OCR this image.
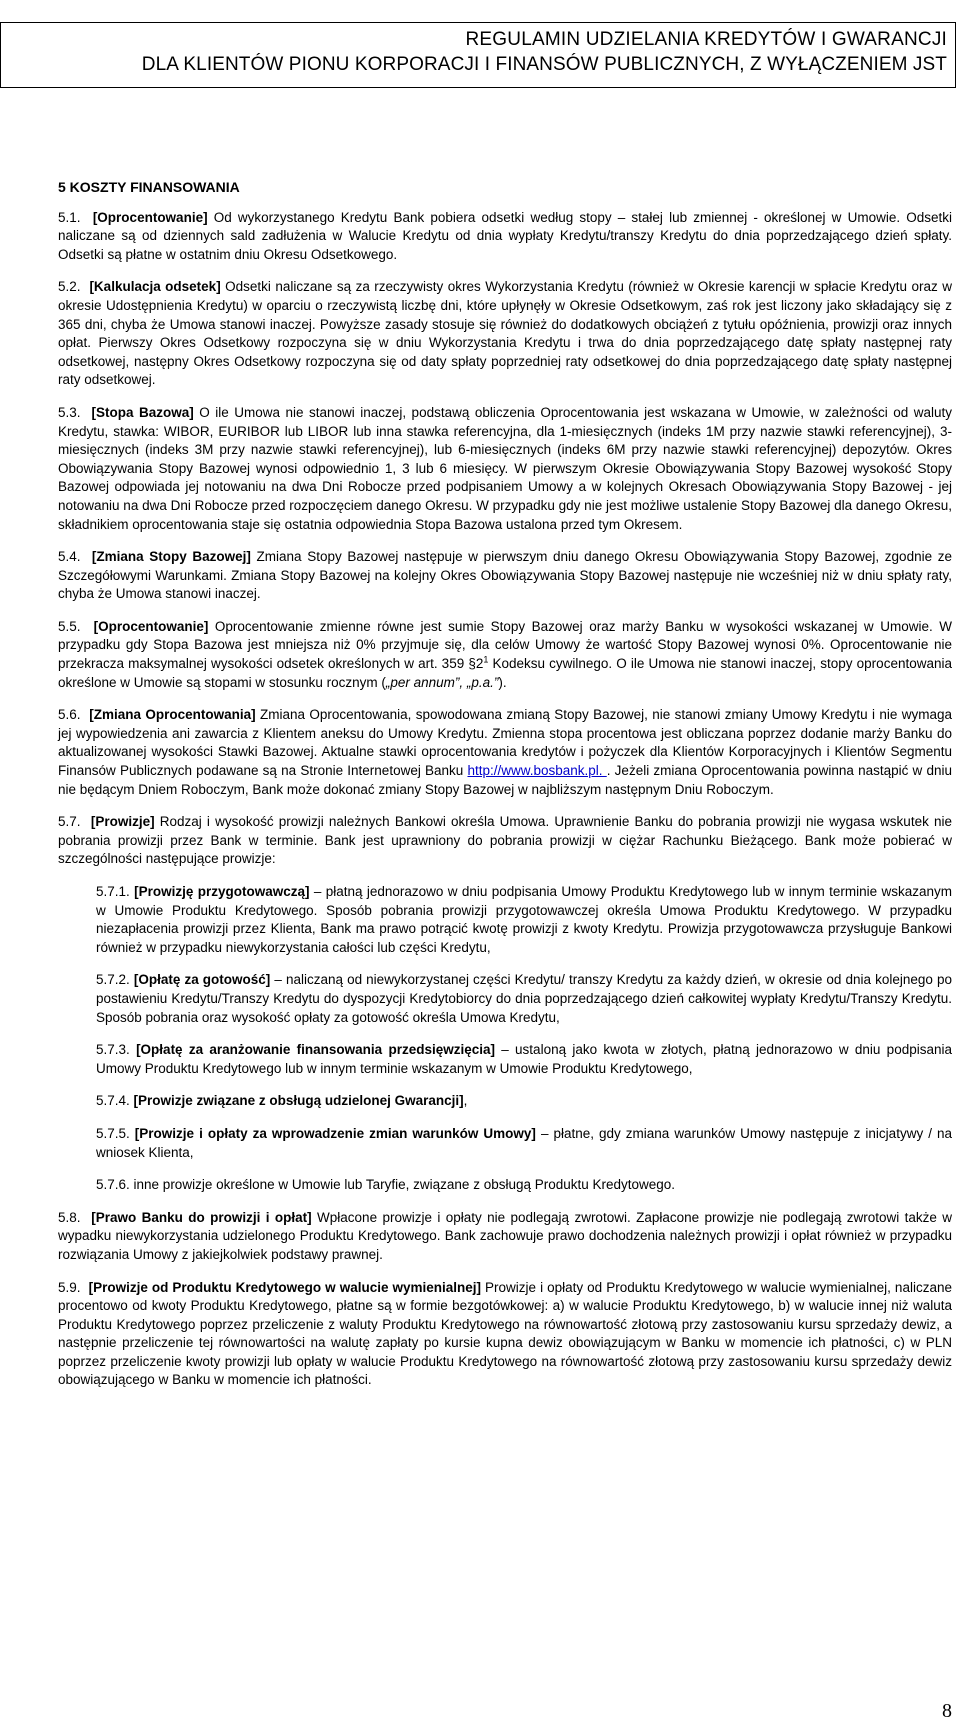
REGULAMIN UDZIELANIA KREDYTÓW I GWARANCJI
DLA KLIENTÓW PIONU KORPORACJI I FINANSÓW PUBLICZNYCH, Z WYŁĄCZENIEM JST
5 KOSZTY FINANSOWANIA

5.1. [Oprocentowanie] Od wykorzystanego Kredytu Bank pobiera odsetki według stopy – stałej lub zmiennej - określonej w Umowie. Odsetki naliczane są od dziennych sald zadłużenia w Walucie Kredytu od dnia wypłaty Kredytu/transzy Kredytu do dnia poprzedzającego dzień spłaty. Odsetki są płatne w ostatnim dniu Okresu Odsetkowego.

5.2. [Kalkulacja odsetek] Odsetki naliczane są za rzeczywisty okres Wykorzystania Kredytu (również w Okresie karencji w spłacie Kredytu oraz w okresie Udostępnienia Kredytu) w oparciu o rzeczywistą liczbę dni, które upłynęły w Okresie Odsetkowym, zaś rok jest liczony jako składający się z 365 dni, chyba że Umowa stanowi inaczej. Powyższe zasady stosuje się również do dodatkowych obciążeń z tytułu opóźnienia, prowizji oraz innych opłat. Pierwszy Okres Odsetkowy rozpoczyna się w dniu Wykorzystania Kredytu i trwa do dnia poprzedzającego datę spłaty następnej raty odsetkowej, następny Okres Odsetkowy rozpoczyna się od daty spłaty poprzedniej raty odsetkowej do dnia poprzedzającego datę spłaty następnej raty odsetkowej.

5.3. [Stopa Bazowa] O ile Umowa nie stanowi inaczej, podstawą obliczenia Oprocentowania jest wskazana w Umowie, w zależności od waluty Kredytu, stawka: WIBOR, EURIBOR lub LIBOR lub inna stawka referencyjna, dla 1-miesięcznych (indeks 1M przy nazwie stawki referencyjnej), 3-miesięcznych (indeks 3M przy nazwie stawki referencyjnej), lub 6-miesięcznych (indeks 6M przy nazwie stawki referencyjnej) depozytów. Okres Obowiązywania Stopy Bazowej wynosi odpowiednio 1, 3 lub 6 miesięcy. W pierwszym Okresie Obowiązywania Stopy Bazowej wysokość Stopy Bazowej odpowiada jej notowaniu na dwa Dni Robocze przed podpisaniem Umowy a w kolejnych Okresach Obowiązywania Stopy Bazowej - jej notowaniu na dwa Dni Robocze przed rozpoczęciem danego Okresu. W przypadku gdy nie jest możliwe ustalenie Stopy Bazowej dla danego Okresu, składnikiem oprocentowania staje się ostatnia odpowiednia Stopa Bazowa ustalona przed tym Okresem.

5.4. [Zmiana Stopy Bazowej] Zmiana Stopy Bazowej następuje w pierwszym dniu danego Okresu Obowiązywania Stopy Bazowej, zgodnie ze Szczegółowymi Warunkami. Zmiana Stopy Bazowej na kolejny Okres Obowiązywania Stopy Bazowej następuje nie wcześniej niż w dniu spłaty raty, chyba że Umowa stanowi inaczej.

5.5. [Oprocentowanie] Oprocentowanie zmienne równe jest sumie Stopy Bazowej oraz marży Banku w wysokości wskazanej w Umowie. W przypadku gdy Stopa Bazowa jest mniejsza niż 0% przyjmuje się, dla celów Umowy że wartość Stopy Bazowej wynosi 0%. Oprocentowanie nie przekracza maksymalnej wysokości odsetek określonych w art. 359 $\S 2^1$ Kodeksu cywilnego. O ile Umowa nie stanowi inaczej, stopy oprocentowania określone w Umowie są stopami w stosunku rocznym („per annum”, „p.a.”).

5.6. [Zmiana Oprocentowania] Zmiana Oprocentowania, spowodowana zmianą Stopy Bazowej, nie stanowi zmiany Umowy Kredytu i nie wymaga jej wypowiedzenia ani zawarcia z Klientem aneksu do Umowy Kredytu. Zmienna stopa procentowa jest obliczana poprzez dodanie marży Banku do aktualizowanej wysokości Stawki Bazowej. Aktualne stawki oprocentowania kredytów i pożyczek dla Klientów Korporacyjnych i Klientów Segmentu Finansów Publicznych podawane są na Stronie Internetowej Banku http://www.bosbank.pl. . Jeżeli zmiana Oprocentowania powinna nastąpić w dniu nie będącym Dniem Roboczym, Bank może dokonać zmiany Stopy Bazowej w najbliższym następnym Dniu Roboczym.

5.7. [Prowizje] Rodzaj i wysokość prowizji należnych Bankowi określa Umowa. Uprawnienie Banku do pobrania prowizji nie wygasa wskutek nie pobrania prowizji przez Bank w terminie. Bank jest uprawniony do pobrania prowizji w ciężar Rachunku Bieżącego. Bank może pobierać w szczególności następujące prowizje:

5.7.1. [Prowizję przygotowawczą] – płatną jednorazowo w dniu podpisania Umowy Produktu Kredytowego lub w innym terminie wskazanym w Umowie Produktu Kredytowego. Sposób pobrania prowizji przygotowawczej określa Umowa Produktu Kredytowego. W przypadku niezapłacenia prowizji przez Klienta, Bank ma prawo potrącić kwotę prowizji z kwoty Kredytu. Prowizja przygotowawcza przysługuje Bankowi również w przypadku niewykorzystania całości lub części Kredytu,

5.7.2. [Opłatę za gotowość] – naliczaną od niewykorzystanej części Kredytu/ transzy Kredytu za każdy dzień, w okresie od dnia kolejnego po postawieniu Kredytu/Transzy Kredytu do dyspozycji Kredytobiorcy do dnia poprzedzającego dzień całkowitej wypłaty Kredytu/Transzy Kredytu. Sposób pobrania oraz wysokość opłaty za gotowość określa Umowa Kredytu,

5.7.3. [Opłatę za aranżowanie finansowania przedsięwzięcia] – ustaloną jako kwota w złotych, płatną jednorazowo w dniu podpisania Umowy Produktu Kredytowego lub w innym terminie wskazanym w Umowie Produktu Kredytowego,

5.7.4. [Prowizje związane z obsługą udzielonej Gwarancji],

5.7.5. [Prowizje i opłaty za wprowadzenie zmian warunków Umowy] – płatne, gdy zmiana warunków Umowy następuje z inicjatywy / na wniosek Klienta,

5.7.6. inne prowizje określone w Umowie lub Taryfie, związane z obsługą Produktu Kredytowego.

5.8. [Prawo Banku do prowizji i opłat] Wpłacone prowizje i opłaty nie podlegają zwrotowi. Zapłacone prowizje nie podlegają zwrotowi także w wypadku niewykorzystania udzielonego Produktu Kredytowego. Bank zachowuje prawo dochodzenia należnych prowizji i opłat również w przypadku rozwiązania Umowy z jakiejkolwiek podstawy prawnej.

5.9. [Prowizje od Produktu Kredytowego w walucie wymienialnej] Prowizje i opłaty od Produktu Kredytowego w walucie wymienialnej, naliczane procentowo od kwoty Produktu Kredytowego, płatne są w formie bezgotówkowej: a) w walucie Produktu Kredytowego, b) w walucie innej niż waluta Produktu Kredytowego poprzez przeliczenie z waluty Produktu Kredytowego na równowartość złotową przy zastosowaniu kursu sprzedaży dewiz, a następnie przeliczenie tej równowartości na walutę zapłaty po kursie kupna dewiz obowiązującym w Banku w momencie ich płatności, c) w PLN poprzez przeliczenie kwoty prowizji lub opłaty w walucie Produktu Kredytowego na równowartość złotową przy zastosowaniu kursu sprzedaży dewiz obowiązującego w Banku w momencie ich płatności.

8
